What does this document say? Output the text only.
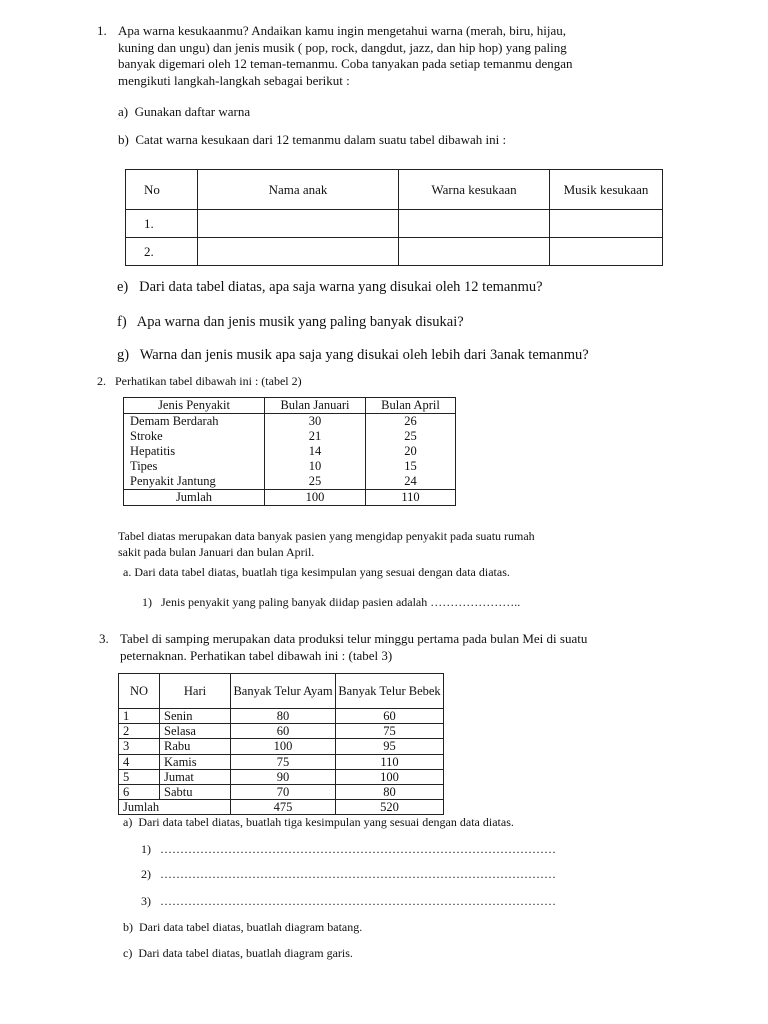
1. Apa warna kesukaanmu? Andaikan kamu ingin mengetahui warna (merah, biru, hijau,
kuning dan ungu) dan jenis musik ( pop, rock, dangdut, jazz, dan hip hop) yang paling
banyak digemari oleh 12 teman-temanmu. Coba tanyakan pada setiap temanmu dengan
mengikuti langkah-langkah sebagai berikut :
a)  Gunakan daftar warna
b)  Catat warna kesukaan dari 12 temanmu dalam suatu tabel dibawah ini :
No	Nama anak	Warna kesukaan	Musik kesukaan
1.			
2.			
e)   Dari data tabel diatas, apa saja warna yang disukai oleh 12 temanmu?
f)   Apa warna dan jenis musik yang paling banyak disukai?
g)   Warna dan jenis musik apa saja yang disukai oleh lebih dari 3anak temanmu?
2.   Perhatikan tabel dibawah ini : (tabel 2)
Jenis Penyakit	Bulan Januari	Bulan April
Demam Berdarah	30	26
Stroke	21	25
Hepatitis	14	20
Tipes	10	15
Penyakit Jantung	25	24
Jumlah	100	110
Tabel diatas merupakan data banyak pasien yang mengidap penyakit pada suatu rumah
sakit pada bulan Januari dan bulan April.
a. Dari data tabel diatas, buatlah tiga kesimpulan yang sesuai dengan data diatas.
1)   Jenis penyakit yang paling banyak diidap pasien adalah …………………..
3. Tabel di samping merupakan data produksi telur minggu pertama pada bulan Mei di suatu
peternaknan. Perhatikan tabel dibawah ini : (tabel 3)
NO	Hari	Banyak Telur Ayam	Banyak Telur Bebek
1	Senin	80	60
2	Selasa	60	75
3	Rabu	100	95
4	Kamis	75	110
5	Jumat	90	100
6	Sabtu	70	80
Jumlah		475	520
a)  Dari data tabel diatas, buatlah tiga kesimpulan yang sesuai dengan data diatas.
1)   ………………………………………………………………………………………
2)   ………………………………………………………………………………………
3)   ………………………………………………………………………………………
b)  Dari data tabel diatas, buatlah diagram batang.
c)  Dari data tabel diatas, buatlah diagram garis.
